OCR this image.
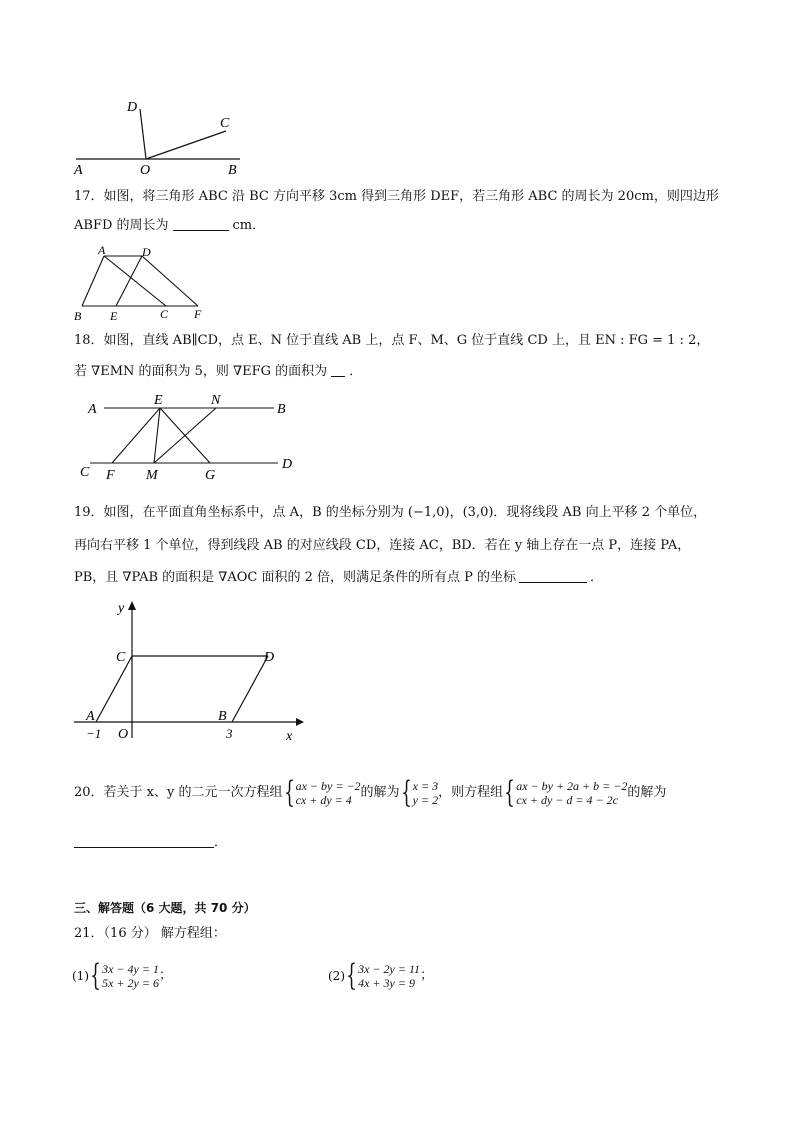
D
C
A	O	B
17．如图，将三角形 ABC 沿 BC 方向平移 3cm 得到三角形 DEF，若三角形 ABC 的周长为 20cm，则四边形
ABFD 的周长为	cm．
A	D
B E	C F
18．如图，直线 AB∥CD，点 E、N 位于直线 AB 上，点 F、M、G 位于直线 CD 上，且 EN : FG = 1 : 2，
若 ∇EMN 的面积为 5，则 ∇EFG 的面积为 ．
A
E	N
B
C F M	G
D
19．如图，在平面直角坐标系中，点 A，B 的坐标分别为 (−1,0)，(3,0)．现将线段 AB 向上平移 2 个单位，
再向右平移 1 个单位，得到线段 AB 的对应线段 CD，连接 AC，BD．若在 y 轴上存在一点 P，连接 PA，
PB，且 ∇PAB 的面积是 ∇AOC 面积的 2 倍，则满足条件的所有点 P 的坐标	．
y
x
C	D
A	B
O
−1	3
20． 若关于 x、y 的二元一次方程组 { ax − by = −2
cx + dy = 4 的解为 { x = 3
y = 2 ，则方程组 { ax − by + 2a + b = −2
cx + dy − d = 4 − 2c 的解为
．
三、解答题（6 大题，共 70 分）
21．（16 分） 解方程组：
(1) { 3x − 4y = 1
5x + 2y = 6 ；	(2) { 3x − 2y = 11
4x + 3y = 9 ；
